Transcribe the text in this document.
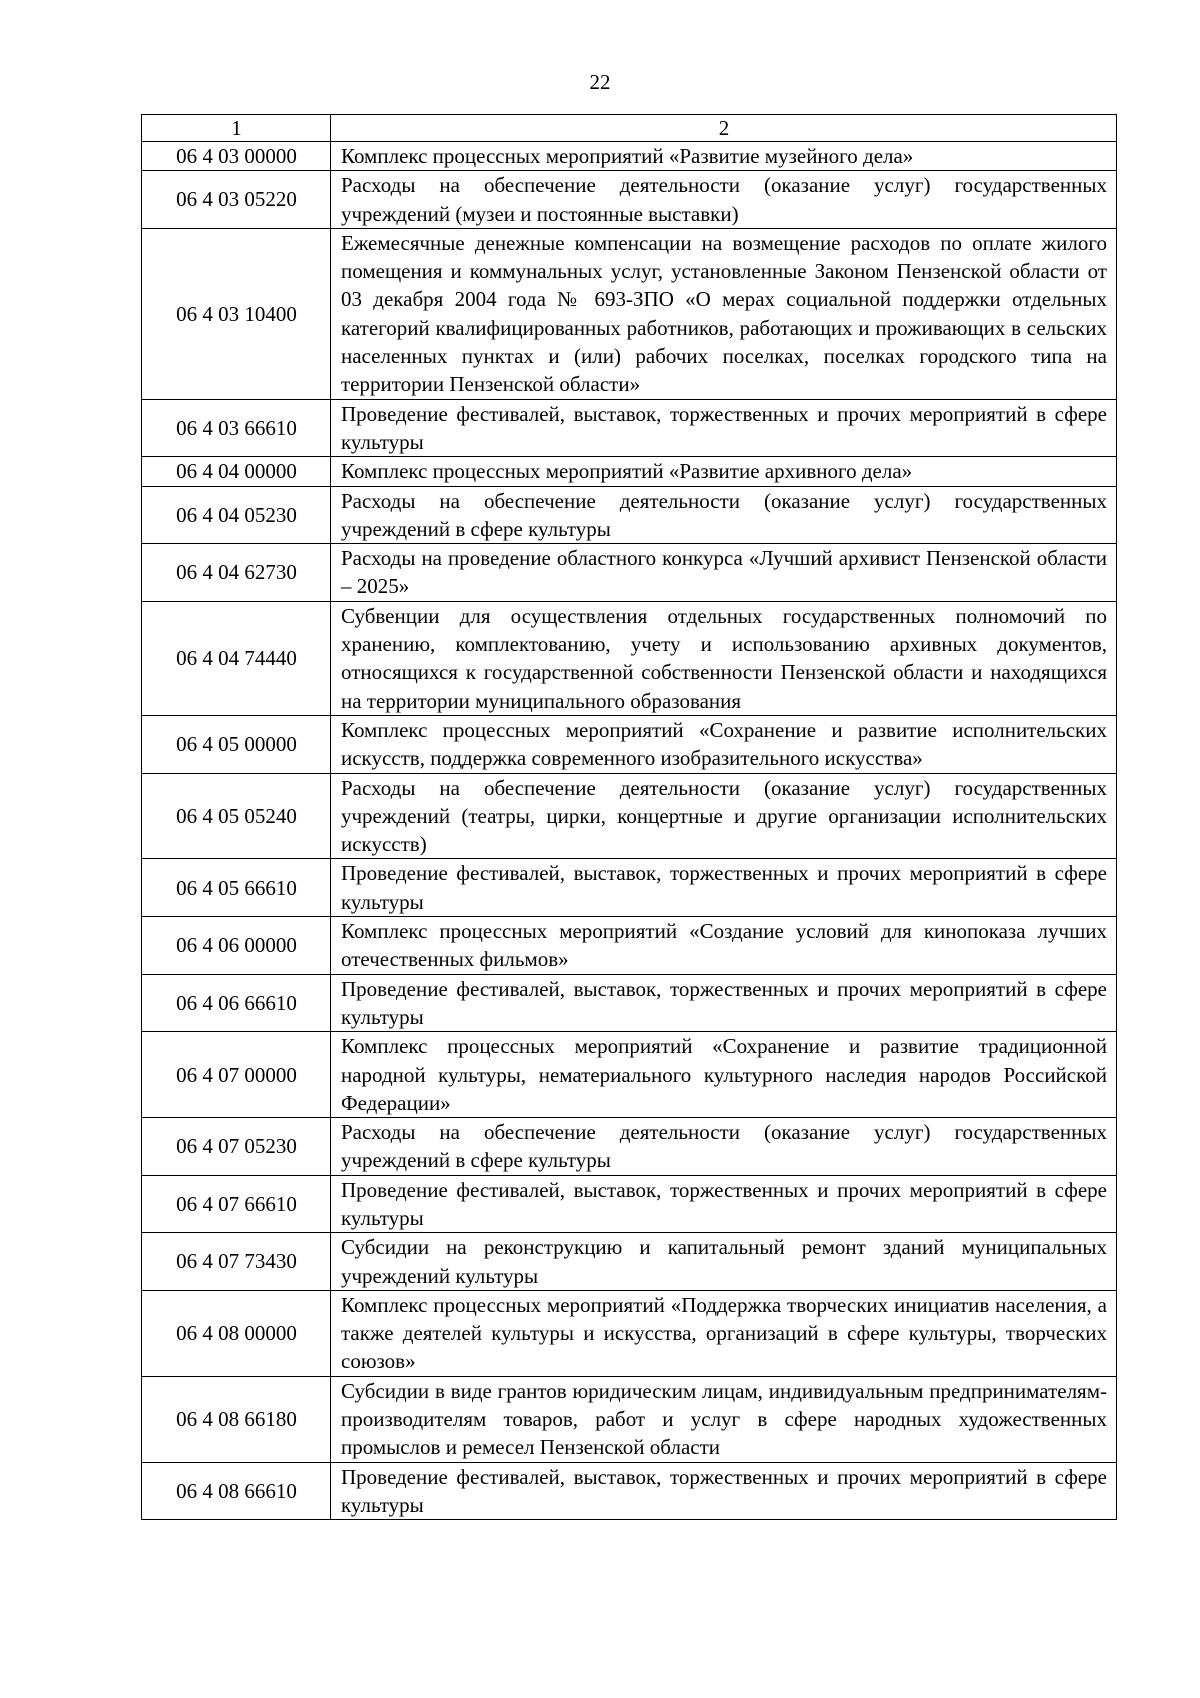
22
1	2
06 4 03 00000	Комплекс процессных мероприятий «Развитие музейного дела»
06 4 03 05220	Расходы на обеспечение деятельности (оказание услуг) государственных учреждений (музеи и постоянные выставки)
06 4 03 10400	Ежемесячные денежные компенсации на возмещение расходов по оплате жилого помещения и коммунальных услуг, установленные Законом Пензенской области от 03 декабря 2004 года № 693-ЗПО «О мерах социальной поддержки отдельных категорий квалифицированных работников, работающих и проживающих в сельских населенных пунктах и (или) рабочих поселках, поселках городского типа на территории Пензенской области»
06 4 03 66610	Проведение фестивалей, выставок, торжественных и прочих мероприятий в сфере культуры
06 4 04 00000	Комплекс процессных мероприятий «Развитие архивного дела»
06 4 04 05230	Расходы на обеспечение деятельности (оказание услуг) государственных учреждений в сфере культуры
06 4 04 62730	Расходы на проведение областного конкурса «Лучший архивист Пензенской области – 2025»
06 4 04 74440	Субвенции для осуществления отдельных государственных полномочий по хранению, комплектованию, учету и использованию архивных документов, относящихся к государственной собственности Пензенской области и находящихся на территории муниципального образования
06 4 05 00000	Комплекс процессных мероприятий «Сохранение и развитие исполнительских искусств, поддержка современного изобразительного искусства»
06 4 05 05240	Расходы на обеспечение деятельности (оказание услуг) государственных учреждений (театры, цирки, концертные и другие организации исполнительских искусств)
06 4 05 66610	Проведение фестивалей, выставок, торжественных и прочих мероприятий в сфере культуры
06 4 06 00000	Комплекс процессных мероприятий «Создание условий для кинопоказа лучших отечественных фильмов»
06 4 06 66610	Проведение фестивалей, выставок, торжественных и прочих мероприятий в сфере культуры
06 4 07 00000	Комплекс процессных мероприятий «Сохранение и развитие традиционной народной культуры, нематериального культурного наследия народов Российской Федерации»
06 4 07 05230	Расходы на обеспечение деятельности (оказание услуг) государственных учреждений в сфере культуры
06 4 07 66610	Проведение фестивалей, выставок, торжественных и прочих мероприятий в сфере культуры
06 4 07 73430	Субсидии на реконструкцию и капитальный ремонт зданий муниципальных учреждений культуры
06 4 08 00000	Комплекс процессных мероприятий «Поддержка творческих инициатив населения, а также деятелей культуры и искусства, организаций в сфере культуры, творческих союзов»
06 4 08 66180	Субсидии в виде грантов юридическим лицам, индивидуальным предпринимателям-производителям товаров, работ и услуг в сфере народных художественных промыслов и ремесел Пензенской области
06 4 08 66610	Проведение фестивалей, выставок, торжественных и прочих мероприятий в сфере культуры
